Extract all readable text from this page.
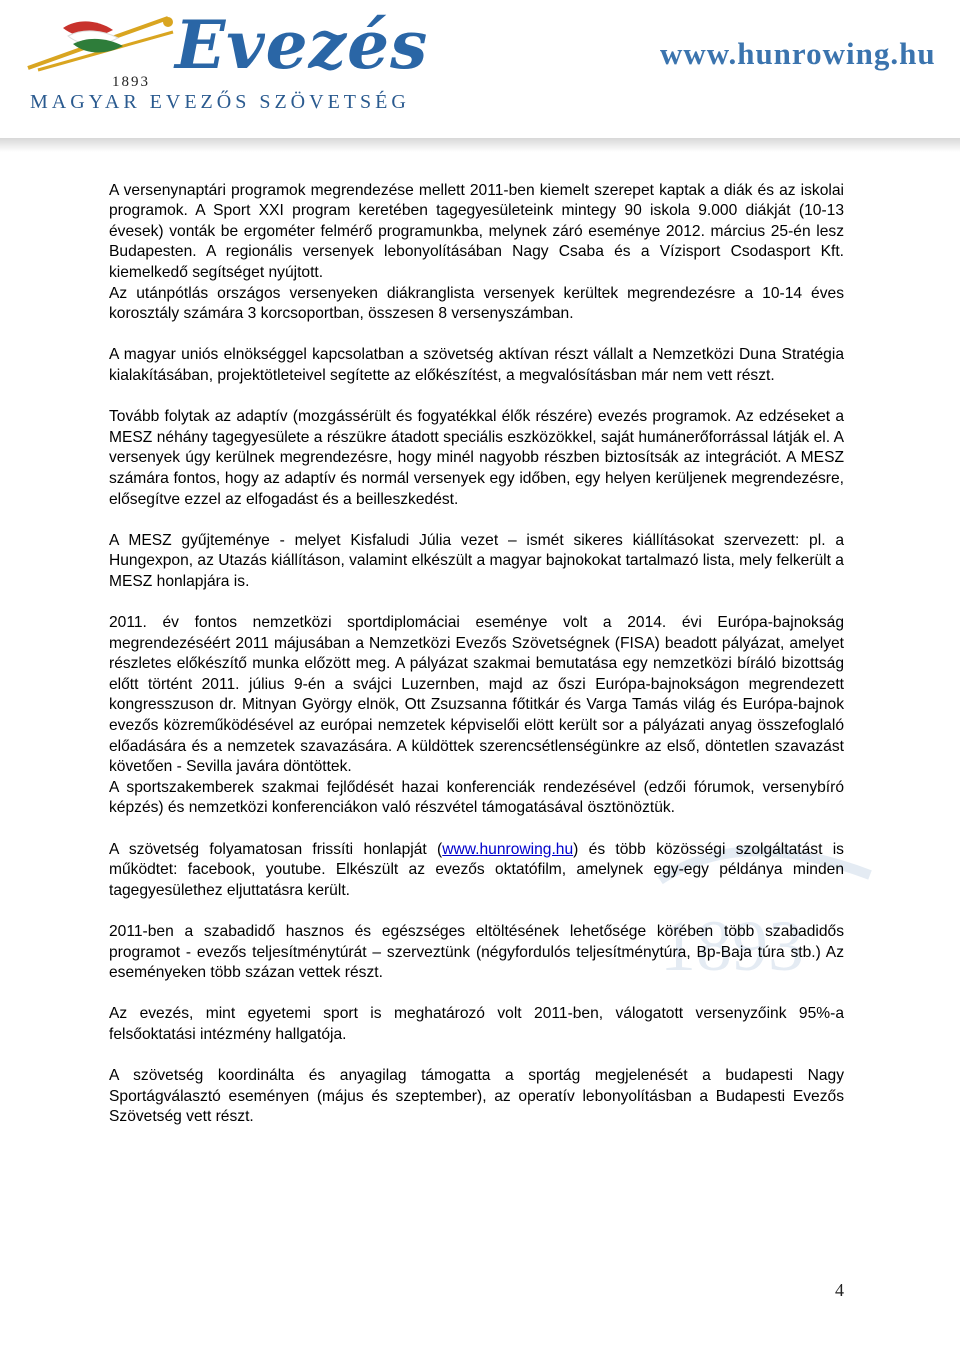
Evezés
1893
MAGYAR EVEZŐS SZÖVETSÉG
www.hunrowing.hu
1893

A versenynaptári programok megrendezése mellett 2011-ben kiemelt szerepet kaptak a diák és az iskolai programok. A Sport XXI program keretében tagegyesületeink mintegy 90 iskola 9.000 diákját (10-13 évesek) vonták be ergométer felmérő programunkba, melynek záró eseménye 2012. március 25-én lesz Budapesten. A regionális versenyek lebonyolításában Nagy Csaba és a Vízisport Csodasport Kft. kiemelkedő segítséget nyújtott.

Az utánpótlás országos versenyeken diákranglista versenyek kerültek megrendezésre a 10-14 éves korosztály számára 3 korcsoportban, összesen 8 versenyszámban.

A magyar uniós elnökséggel kapcsolatban a szövetség aktívan részt vállalt a Nemzetközi Duna Stratégia kialakításában, projektötleteivel segítette az előkészítést, a megvalósításban már nem vett részt.

Tovább folytak az adaptív (mozgássérült és fogyatékkal élők részére) evezés programok. Az edzéseket a MESZ néhány tagegyesülete a részükre átadott speciális eszközökkel, saját humánerőforrással látják el. A versenyek úgy kerülnek megrendezésre, hogy minél nagyobb részben biztosítsák az integrációt. A MESZ számára fontos, hogy az adaptív és normál versenyek egy időben, egy helyen kerüljenek megrendezésre, elősegítve ezzel az elfogadást és a beilleszkedést.

A MESZ gyűjteménye - melyet Kisfaludi Júlia vezet – ismét sikeres kiállításokat szervezett: pl. a Hungexpon, az Utazás kiállításon, valamint elkészült a magyar bajnokokat tartalmazó lista, mely felkerült a MESZ honlapjára is.

2011. év fontos nemzetközi sportdiplomáciai eseménye volt a 2014. évi Európa-bajnokság megrendezéséért 2011 májusában a Nemzetközi Evezős Szövetségnek (FISA) beadott pályázat, amelyet részletes előkészítő munka előzött meg. A pályázat szakmai bemutatása egy nemzetközi bíráló bizottság előtt történt 2011. július 9-én a svájci Luzernben, majd az őszi Európa-bajnokságon megrendezett kongresszuson dr. Mitnyan György elnök, Ott Zsuzsanna főtitkár és Varga Tamás világ és Európa-bajnok evezős közreműködésével az európai nemzetek képviselői elött került sor a pályázati anyag összefoglaló előadására és a nemzetek szavazására. A küldöttek szerencsétlenségünkre az első, döntetlen szavazást követően - Sevilla javára döntöttek.

A sportszakemberek szakmai fejlődését hazai konferenciák rendezésével (edzői fórumok, versenybíró képzés) és nemzetközi konferenciákon való részvétel támogatásával ösztönöztük.

A szövetség folyamatosan frissíti honlapját (www.hunrowing.hu) és több közösségi szolgáltatást is működtet: facebook, youtube. Elkészült az evezős oktatófilm, amelynek egy-egy példánya minden tagegyesülethez eljuttatásra került.

2011-ben a szabadidő hasznos és egészséges eltöltésének lehetősége körében több szabadidős programot - evezős teljesítménytúrát – szerveztünk (négyfordulós teljesítménytúra, Bp-Baja túra stb.) Az eseményeken több százan vettek részt.

Az evezés, mint egyetemi sport is meghatározó volt 2011-ben, válogatott versenyzőink 95%-a felsőoktatási intézmény hallgatója.

A szövetség koordinálta és anyagilag támogatta a sportág megjelenését a budapesti Nagy Sportágválasztó eseményen (május és szeptember), az operatív lebonyolításban a Budapesti Evezős Szövetség vett részt.

4
